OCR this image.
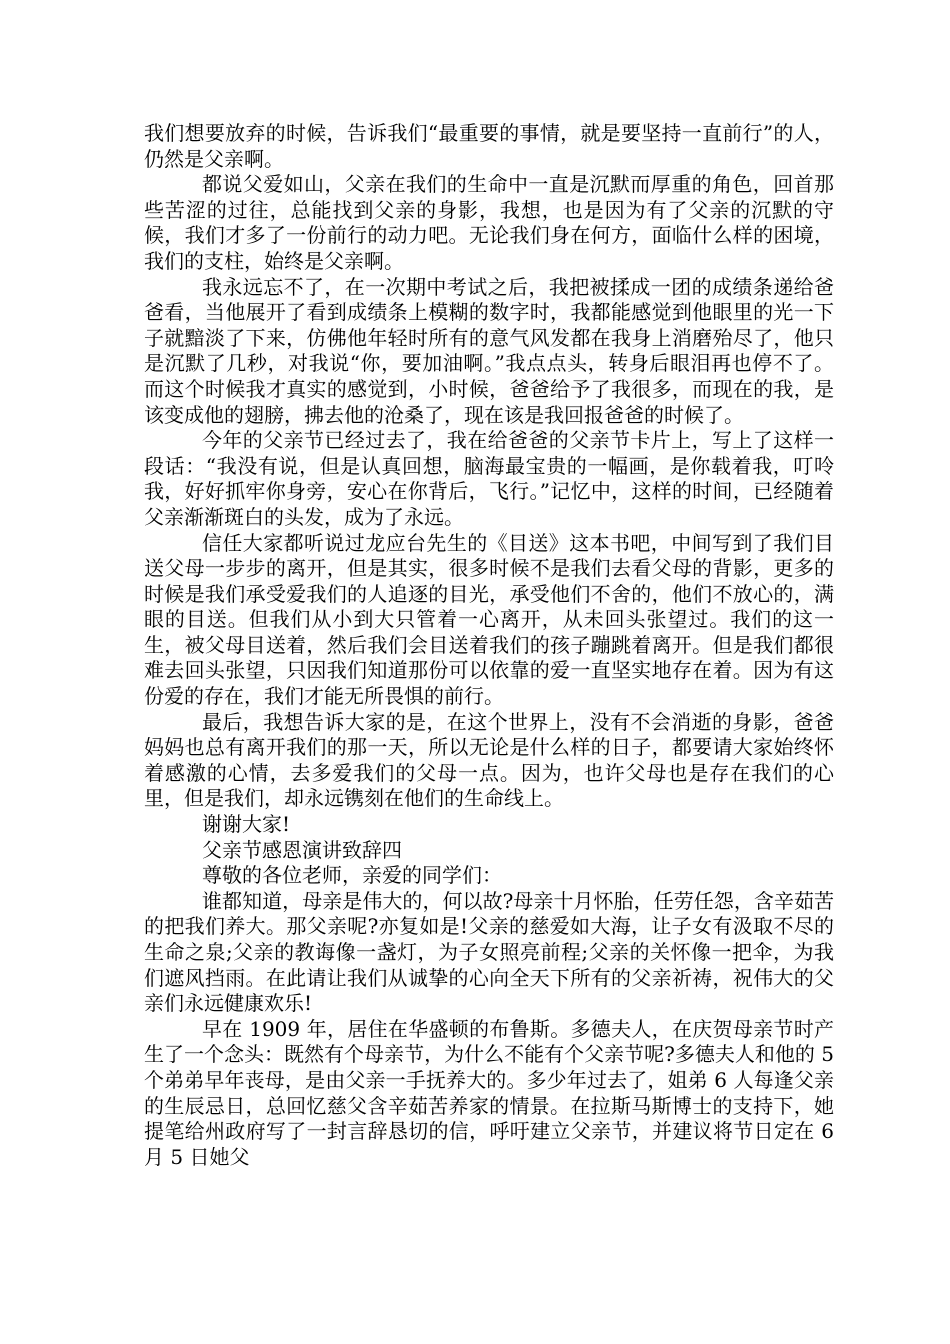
我们想要放弃的时候，告诉我们“最重要的事情，就是要坚持一直前行”的人，仍然是父亲啊。

都说父爱如山，父亲在我们的生命中一直是沉默而厚重的角色，回首那些苦涩的过往，总能找到父亲的身影，我想，也是因为有了父亲的沉默的守候，我们才多了一份前行的动力吧。无论我们身在何方，面临什么样的困境，我们的支柱，始终是父亲啊。

我永远忘不了，在一次期中考试之后，我把被揉成一团的成绩条递给爸爸看，当他展开了看到成绩条上模糊的数字时，我都能感觉到他眼里的光一下子就黯淡了下来，仿佛他年轻时所有的意气风发都在我身上消磨殆尽了，他只是沉默了几秒，对我说“你，要加油啊。”我点点头，转身后眼泪再也停不了。而这个时候我才真实的感觉到，小时候，爸爸给予了我很多，而现在的我，是该变成他的翅膀，拂去他的沧桑了，现在该是我回报爸爸的时候了。

今年的父亲节已经过去了，我在给爸爸的父亲节卡片上，写上了这样一段话：“我没有说，但是认真回想，脑海最宝贵的一幅画，是你载着我，叮呤我，好好抓牢你身旁，安心在你背后，飞行。”记忆中，这样的时间，已经随着父亲渐渐斑白的头发，成为了永远。

信任大家都听说过龙应台先生的《目送》这本书吧，中间写到了我们目送父母一步步的离开，但是其实，很多时候不是我们去看父母的背影，更多的时候是我们承受爱我们的人追逐的目光，承受他们不舍的，他们不放心的，满眼的目送。但我们从小到大只管着一心离开，从未回头张望过。我们的这一生，被父母目送着，然后我们会目送着我们的孩子蹦跳着离开。但是我们都很难去回头张望，只因我们知道那份可以依靠的爱一直坚实地存在着。因为有这份爱的存在，我们才能无所畏惧的前行。

最后，我想告诉大家的是，在这个世界上，没有不会消逝的身影，爸爸妈妈也总有离开我们的那一天，所以无论是什么样的日子，都要请大家始终怀着感激的心情，去多爱我们的父母一点。因为，也许父母也是存在我们的心里，但是我们，却永远镌刻在他们的生命线上。

谢谢大家!

父亲节感恩演讲致辞四

尊敬的各位老师，亲爱的同学们：

谁都知道，母亲是伟大的，何以故?母亲十月怀胎，任劳任怨，含辛茹苦的把我们养大。那父亲呢?亦复如是!父亲的慈爱如大海，让子女有汲取不尽的生命之泉;父亲的教诲像一盏灯，为子女照亮前程;父亲的关怀像一把伞，为我们遮风挡雨。在此请让我们从诚挚的心向全天下所有的父亲祈祷，祝伟大的父亲们永远健康欢乐!

早在 1909 年，居住在华盛顿的布鲁斯。多德夫人，在庆贺母亲节时产生了一个念头：既然有个母亲节，为什么不能有个父亲节呢?多德夫人和他的 5 个弟弟早年丧母，是由父亲一手抚养大的。多少年过去了，姐弟 6 人每逢父亲的生辰忌日，总回忆慈父含辛茹苦养家的情景。在拉斯马斯博士的支持下，她提笔给州政府写了一封言辞恳切的信，呼吁建立父亲节，并建议将节日定在 6 月 5 日她父
